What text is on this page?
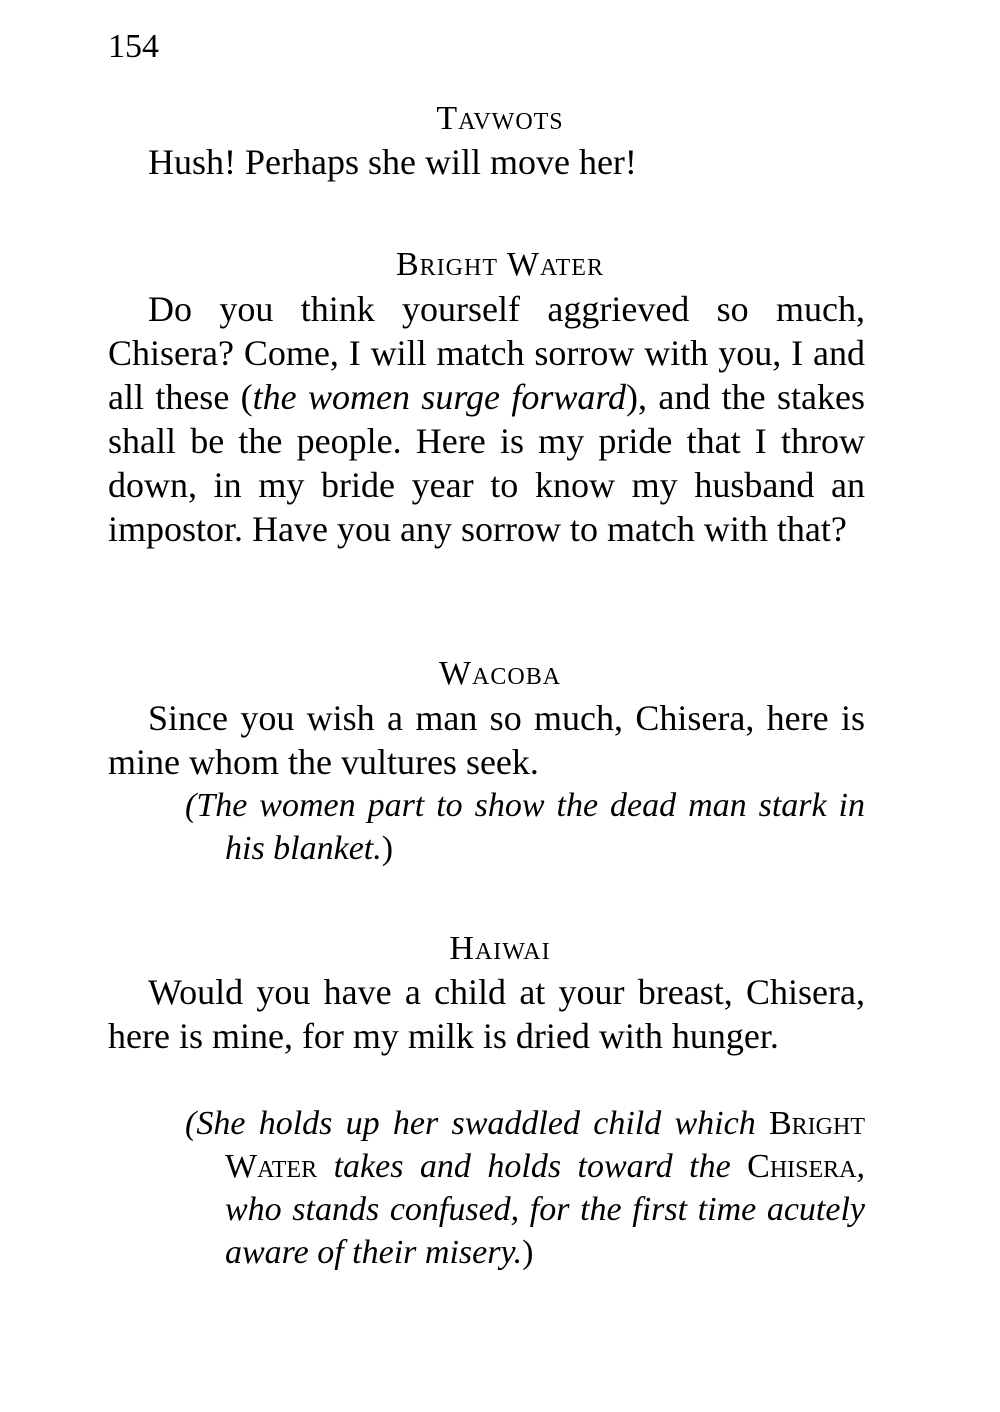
154
Tavwots
Hush! Perhaps she will move her!
Bright Water
Do you think yourself aggrieved so much, Chisera? Come, I will match sorrow with you, I and all these (the women surge forward), and the stakes shall be the people. Here is my pride that I throw down, in my bride year to know my husband an impostor. Have you any sorrow to match with that?
Wacoba
Since you wish a man so much, Chisera, here is mine whom the vultures seek.
(The women part to show the dead man stark in his blanket.)
Haiwai
Would you have a child at your breast, Chisera, here is mine, for my milk is dried with hunger.
(She holds up her swaddled child which Bright Water takes and holds toward the Chisera, who stands confused, for the first time acutely aware of their misery.)
